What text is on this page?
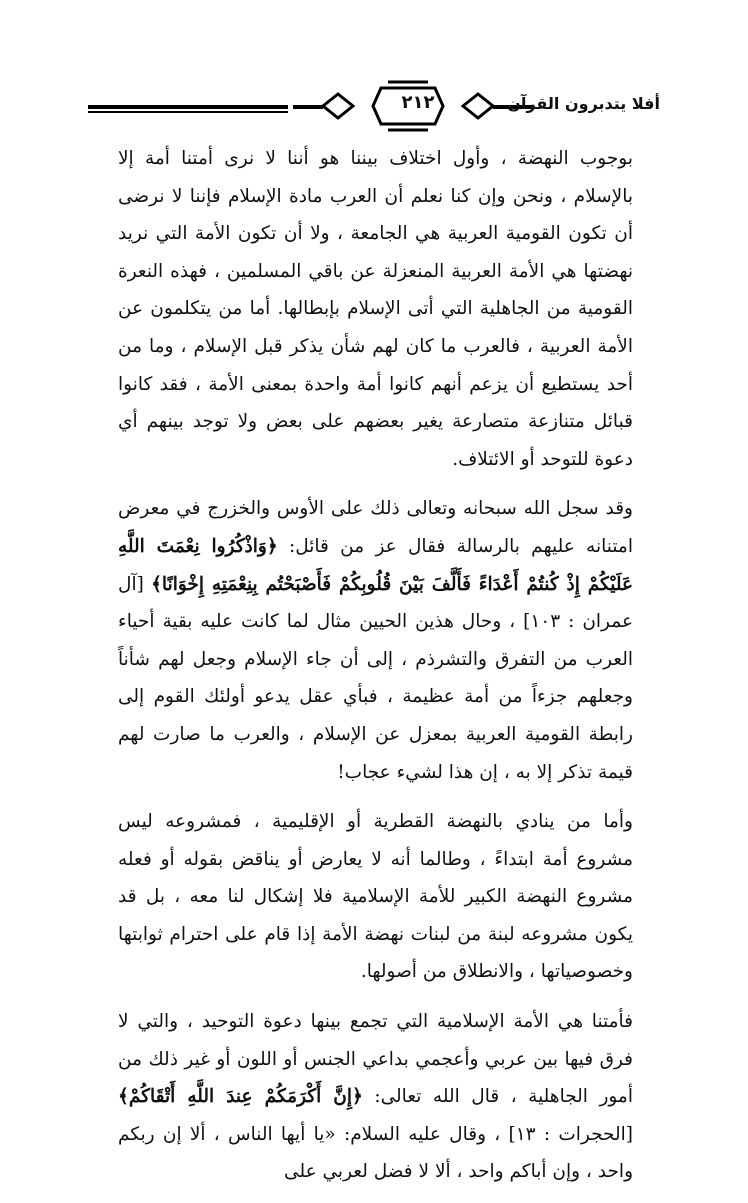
٢١٢	أفلا يتدبرون القرآن

بوجوب النهضة ، وأول اختلاف بيننا هو أننا لا نرى أمتنا أمة إلا بالإسلام ، ونحن وإن كنا نعلم أن العرب مادة الإسلام فإننا لا نرضى أن تكون القومية العربية هي الجامعة ، ولا أن تكون الأمة التي نريد نهضتها هي الأمة العربية المنعزلة عن باقي المسلمين ، فهذه النعرة القومية من الجاهلية التي أتى الإسلام بإبطالها. أما من يتكلمون عن الأمة العربية ، فالعرب ما كان لهم شأن يذكر قبل الإسلام ، وما من أحد يستطيع أن يزعم أنهم كانوا أمة واحدة بمعنى الأمة ، فقد كانوا قبائل متنازعة متصارعة يغير بعضهم على بعض ولا توجد بينهم أي دعوة للتوحد أو الائتلاف.

وقد سجل الله سبحانه وتعالى ذلك على الأوس والخزرج في معرض امتنانه عليهم بالرسالة فقال عز من قائل: ﴿وَاذْكُرُوا نِعْمَتَ اللَّهِ عَلَيْكُمْ إِذْ كُنتُمْ أَعْدَاءً فَأَلَّفَ بَيْنَ قُلُوبِكُمْ فَأَصْبَحْتُم بِنِعْمَتِهِ إِخْوَانًا﴾ [آل عمران : ١٠٣] ، وحال هذين الحيين مثال لما كانت عليه بقية أحياء العرب من التفرق والتشرذم ، إلى أن جاء الإسلام وجعل لهم شأناً وجعلهم جزءاً من أمة عظيمة ، فبأي عقل يدعو أولئك القوم إلى رابطة القومية العربية بمعزل عن الإسلام ، والعرب ما صارت لهم قيمة تذكر إلا به ، إن هذا لشيء عجاب!

وأما من ينادي بالنهضة القطرية أو الإقليمية ، فمشروعه ليس مشروع أمة ابتداءً ، وطالما أنه لا يعارض أو يناقض بقوله أو فعله مشروع النهضة الكبير للأمة الإسلامية فلا إشكال لنا معه ، بل قد يكون مشروعه لبنة من لبنات نهضة الأمة إذا قام على احترام ثوابتها وخصوصياتها ، والانطلاق من أصولها.

فأمتنا هي الأمة الإسلامية التي تجمع بينها دعوة التوحيد ، والتي لا فرق فيها بين عربي وأعجمي بداعي الجنس أو اللون أو غير ذلك من أمور الجاهلية ، قال الله تعالى: ﴿إِنَّ أَكْرَمَكُمْ عِندَ اللَّهِ أَتْقَاكُمْ﴾ [الحجرات : ١٣] ، وقال عليه السلام: «يا أيها الناس ، ألا إن ربكم واحد ، وإن أباكم واحد ، ألا لا فضل لعربي على
